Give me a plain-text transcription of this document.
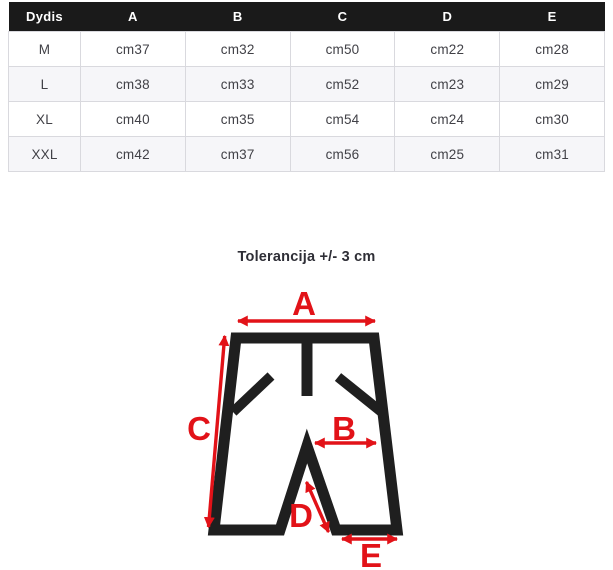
Dydis	A	B	C	D	E
M	cm37	cm32	cm50	cm22	cm28
L	cm38	cm33	cm52	cm23	cm29
XL	cm40	cm35	cm54	cm24	cm30
XXL	cm42	cm37	cm56	cm25	cm31
Tolerancija +/- 3 cm
A
C	B
D
E
